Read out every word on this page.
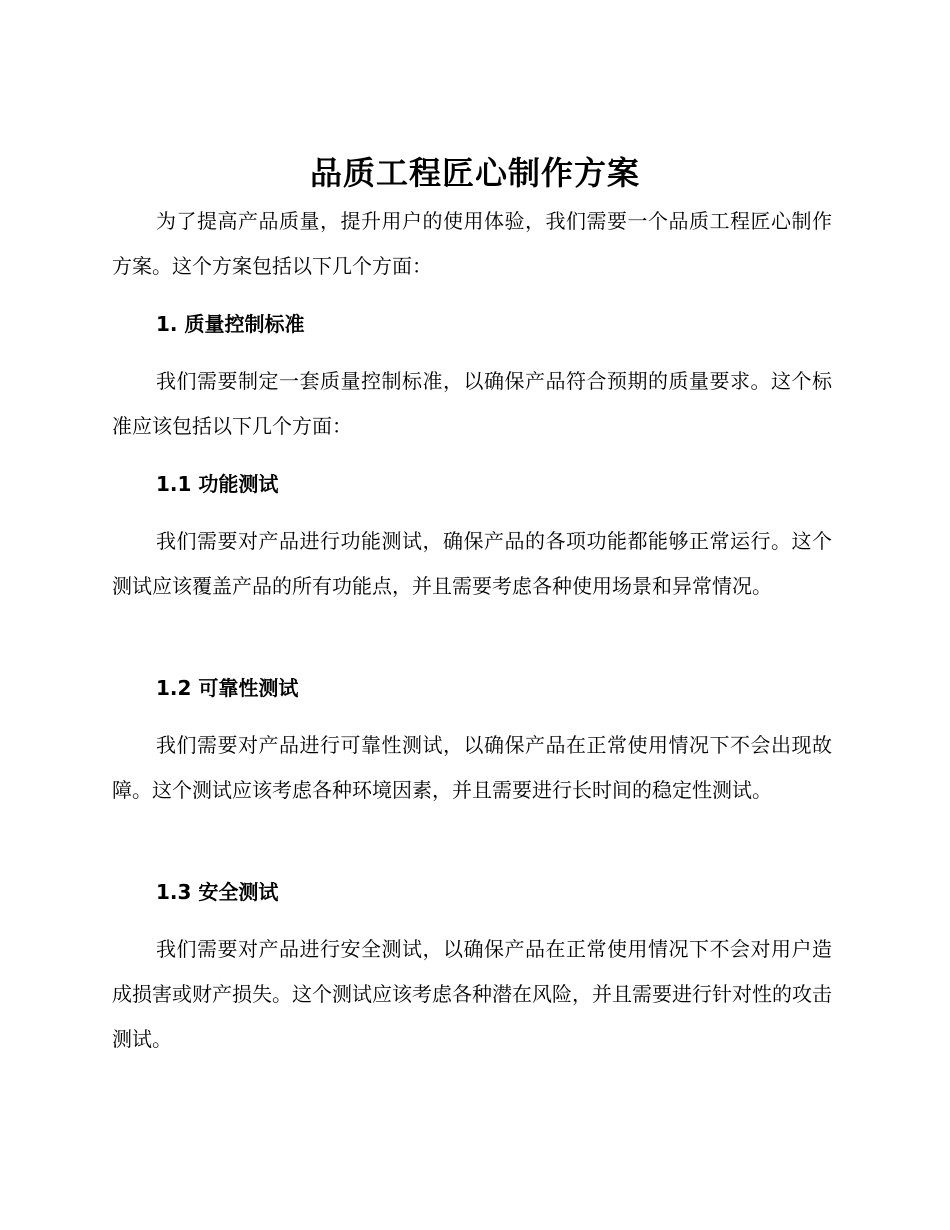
品质工程匠心制作方案
为了提高产品质量，提升用户的使用体验，我们需要一个品质工程匠心制作方案。这个方案包括以下几个方面：
1. 质量控制标准
我们需要制定一套质量控制标准，以确保产品符合预期的质量要求。这个标准应该包括以下几个方面：
1.1 功能测试
我们需要对产品进行功能测试，确保产品的各项功能都能够正常运行。这个测试应该覆盖产品的所有功能点，并且需要考虑各种使用场景和异常情况。
1.2 可靠性测试
我们需要对产品进行可靠性测试，以确保产品在正常使用情况下不会出现故障。这个测试应该考虑各种环境因素，并且需要进行长时间的稳定性测试。
1.3 安全测试
我们需要对产品进行安全测试，以确保产品在正常使用情况下不会对用户造成损害或财产损失。这个测试应该考虑各种潜在风险，并且需要进行针对性的攻击测试。
